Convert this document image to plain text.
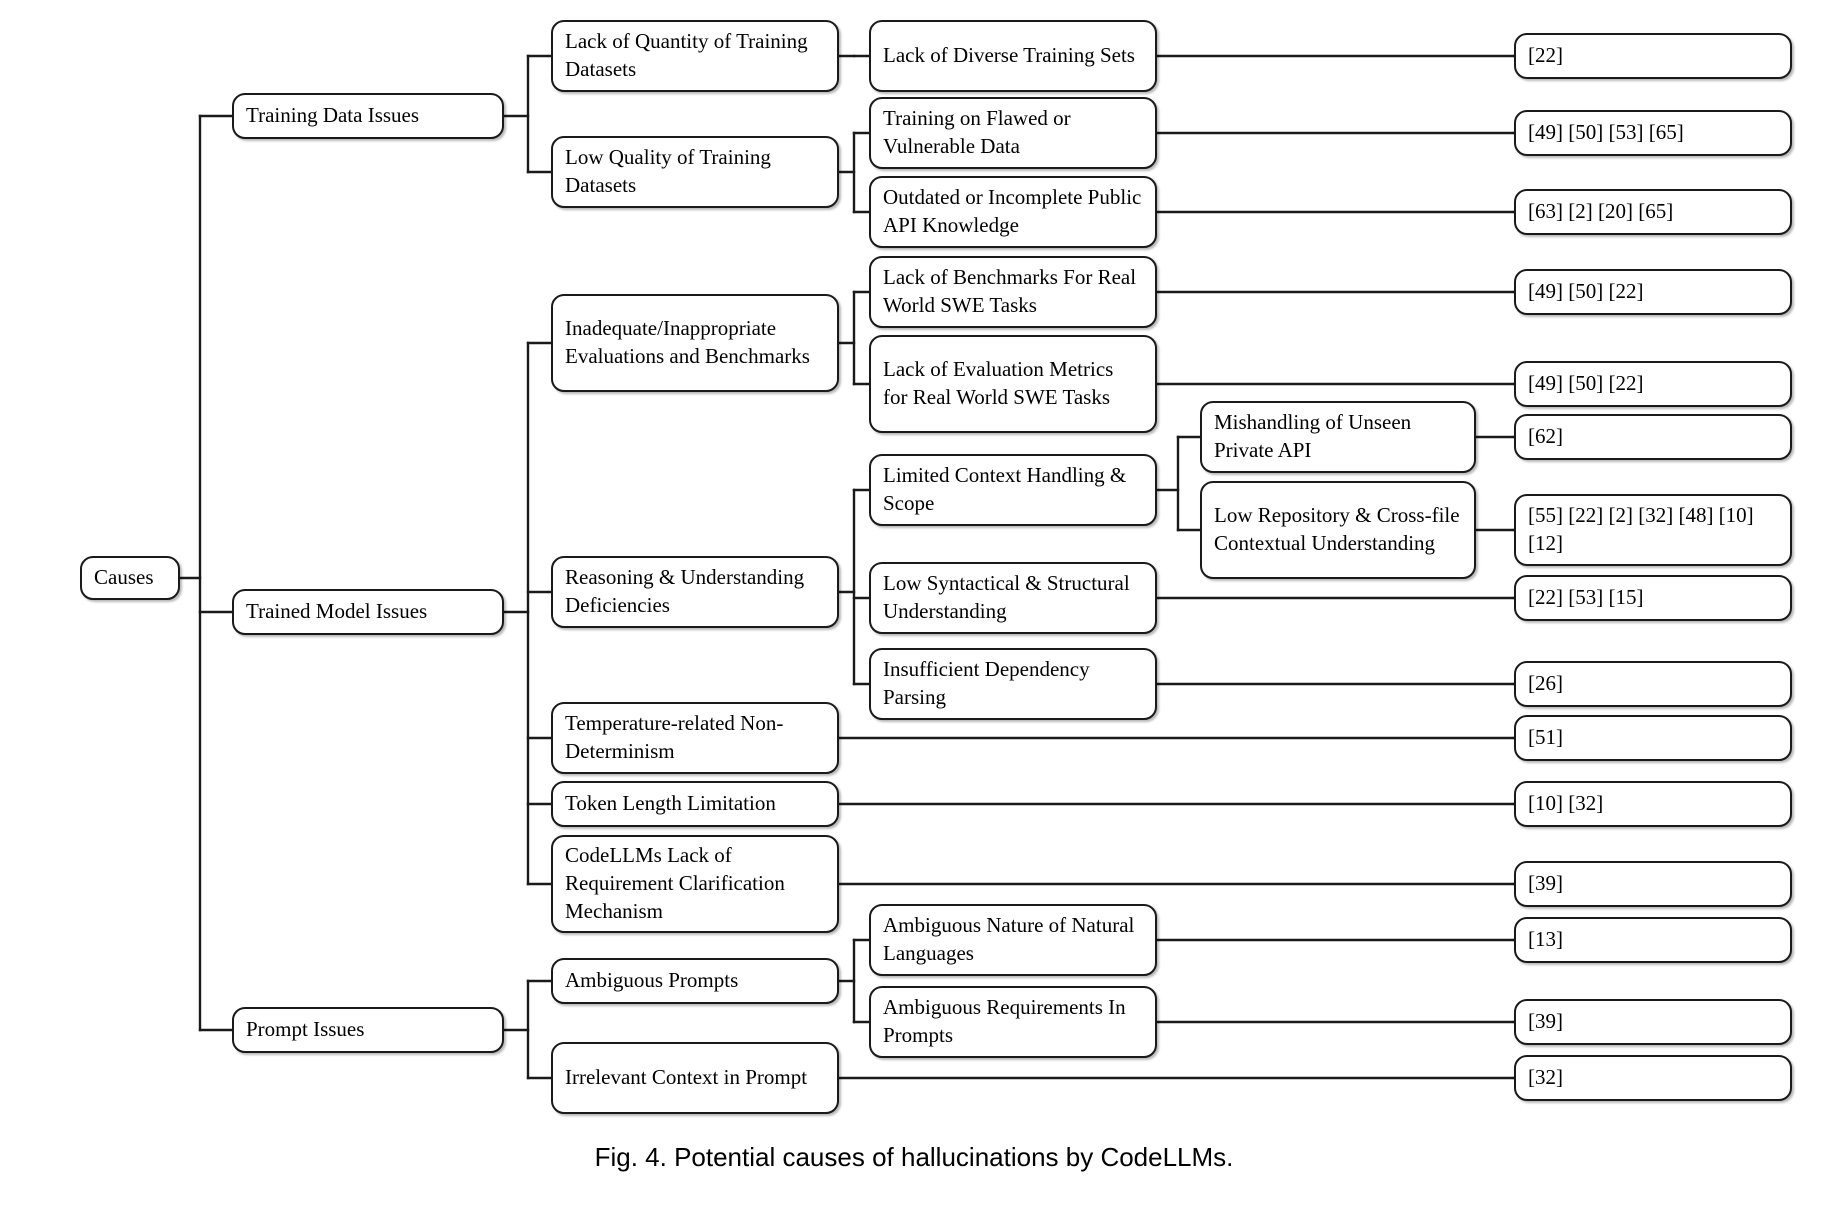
Causes
Training Data Issues
Trained Model Issues
Prompt Issues
Lack of Quantity of Training Datasets
Low Quality of Training Datasets
Inadequate/Inappropriate Evaluations and Benchmarks
Reasoning & Understanding Deficiencies
Temperature-related Non-Determinism
Token Length Limitation
CodeLLMs Lack of Requirement Clarification Mechanism
Ambiguous Prompts
Irrelevant Context in Prompt
Lack of Diverse Training Sets
Training on Flawed or Vulnerable Data
Outdated or Incomplete Public API Knowledge
Lack of Benchmarks For Real World SWE Tasks
Lack of Evaluation Metrics for Real World SWE Tasks
Limited Context Handling & Scope
Low Syntactical & Structural Understanding
Insufficient Dependency Parsing
Ambiguous Nature of Natural Languages
Ambiguous Requirements In Prompts
Mishandling of Unseen Private API
Low Repository & Cross-file Contextual Understanding
[22]
[49] [50] [53] [65]
[63] [2] [20] [65]
[49] [50] [22]
[49] [50] [22]
[62]
[55] [22] [2] [32] [48] [10] [12]
[22] [53] [15]
[26]
[51]
[10] [32]
[39]
[13]
[39]
[32]
Fig. 4. Potential causes of hallucinations by CodeLLMs.
